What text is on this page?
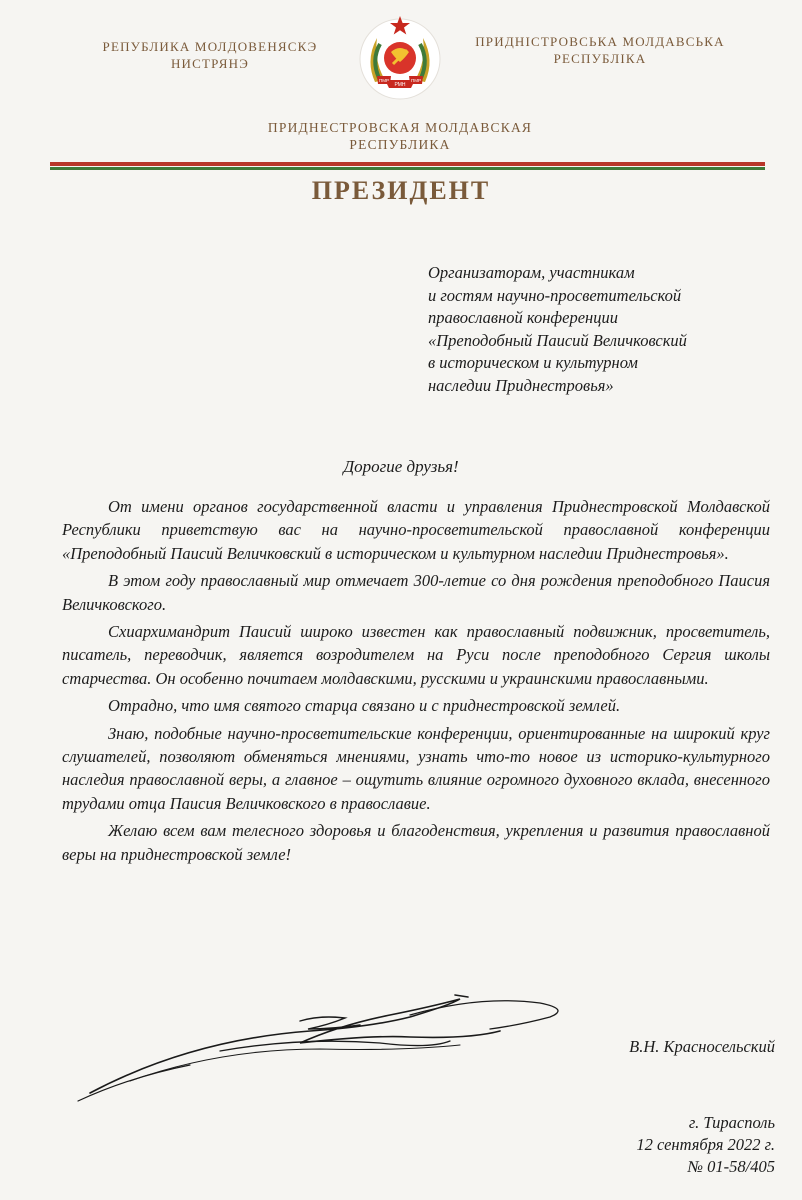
РЕПУБЛИКА МОЛДОВЕНЯСКЭ
НИСТРЯНЭ
ПМР
РМН
ПМР
ПРИДНІСТРОВСЬКА МОЛДАВСЬКА
РЕСПУБЛІКА
ПРИДНЕСТРОВСКАЯ МОЛДАВСКАЯ
РЕСПУБЛИКА
ПРЕЗИДЕНТ
Организаторам, участникам
и гостям научно-просветительской
православной конференции
«Преподобный Паисий Величковский
в историческом и культурном
наследии Приднестровья»
Дорогие друзья!

От имени органов государственной власти и управления Приднестровской Молдавской Республики приветствую вас на научно-просветительской православной конференции «Преподобный Паисий Величковский в историческом и культурном наследии Приднестровья».

В этом году православный мир отмечает 300-летие со дня рождения преподобного Паисия Величковского.

Схиархимандрит Паисий широко известен как православный подвижник, просветитель, писатель, переводчик, является возродителем на Руси после преподобного Сергия школы старчества. Он особенно почитаем молдавскими, русскими и украинскими православными.

Отрадно, что имя святого старца связано и с приднестровской землей.

Знаю, подобные научно-просветительские конференции, ориентированные на широкий круг слушателей, позволяют обменяться мнениями, узнать что-то новое из историко-культурного наследия православной веры, а главное – ощутить влияние огромного духовного вклада, внесенного трудами отца Паисия Величковского в православие.

Желаю всем вам телесного здоровья и благоденствия, укрепления и развития православной веры на приднестровской земле!

В.Н. Красносельский
г. Тирасполь
12 сентября 2022 г.
№ 01-58/405
